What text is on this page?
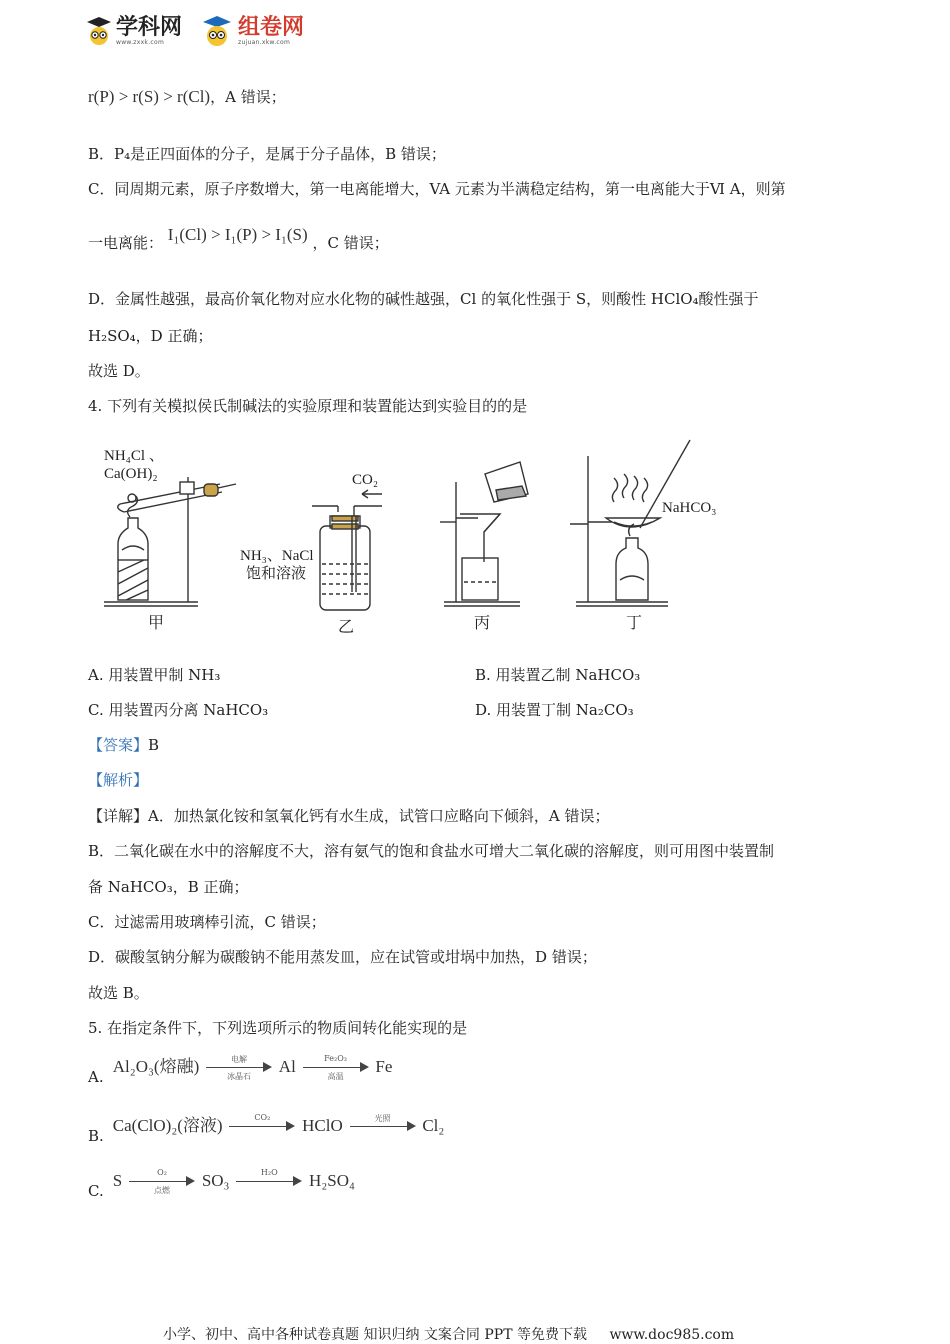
学科网
www.zxxk.com
组卷网
zujuan.xkw.com
r(P) > r(S) > r(Cl)，A 错误；
B．P₄是正四面体的分子，是属于分子晶体，B 错误；
C．同周期元素，原子序数增大，第一电离能增大，VA 元素为半满稳定结构，第一电离能大于Ⅵ A，则第
一电离能： I₁(Cl) > I₁(P) > I₁(S) ，C 错误；
D．金属性越强，最高价氧化物对应水化物的碱性越强，Cl 的氧化性强于 S，则酸性 HClO₄酸性强于
H₂SO₄，D 正确；
故选 D。
4. 下列有关模拟侯氏制碱法的实验原理和装置能达到实验目的的是
NH₄Cl 、
Ca(OH)₂	CO₂
NH₃、NaCl
饱和溶液
NaHCO₃
甲	乙	丙	丁
A. 用装置甲制 NH₃	B. 用装置乙制 NaHCO₃
C. 用装置丙分离 NaHCO₃	D. 用装置丁制 Na₂CO₃
【答案】B
【解析】
【详解】A．加热氯化铵和氢氧化钙有水生成，试管口应略向下倾斜，A 错误；
B．二氧化碳在水中的溶解度不大，溶有氨气的饱和食盐水可增大二氧化碳的溶解度，则可用图中装置制
备 NaHCO₃，B 正确；
C．过滤需用玻璃棒引流，C 错误；
D．碳酸氢钠分解为碳酸钠不能用蒸发皿，应在试管或坩埚中加热，D 错误；
故选 B。
5. 在指定条件下，下列选项所示的物质间转化能实现的是
A. Al₂O₃(熔融)	电解
冰晶石
Al	Fe₂O₃
高温
Fe
B. Ca(ClO)₂(溶液)	CO₂	HClO	光照	Cl₂
C. S	O₂
点燃
SO₃	H₂O	H₂SO₄
小学、初中、高中各种试卷真题 知识归纳 文案合同 PPT 等免费下载 www.doc985.com
